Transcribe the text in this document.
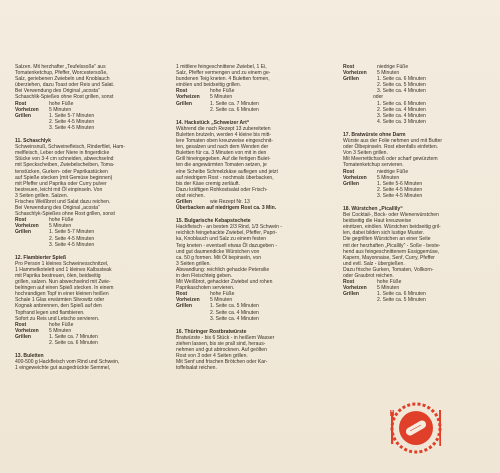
Salzen. Mit herzhafter „Teufelssoße“ aus

Tomatenketchup, Pfeffer, Worcestersoße,

Salz, geriebenen Zwiebeln und Knoblauch

überziehen, dazu Toast oder Reis und Salat.

Bei Verwendung des Original „acosta“

Schaschlik-Spießes ohne Rost grillen, sonst

Rost	hohe Füße
Vorheizen	5 Minuten
Grillen	1. Seite 5-7 Minuten

2. Seite 4-5 Minuten

3. Seite 4-5 Minuten

11. Schaschlyk

Schweinsnuß, Schweinefleisch, Rinderfilet, Ham-

melfleisch, Leber oder Niere in fingerdicke

Stücke von 3-4 cm schneiden, abwechselnd

mit Speckscheiben, Zwiebelscheiben, Toma-

tenstücken, Gurken- oder Paprikastücken

auf Spieße stecken (mit Gemüse beginnen)

mit Pfeffer und Paprika oder Curry pulver

bestreuen, leicht mit Öl einpinseln. Von

3 Seiten grillen. Salzen.

Frisches Weißbrot und Salat dazu reichen.

Bei Verwendung des Original „acosta“

Schaschlyk-Spießes ohne Rost grillen, sonst

Rost	hohe Füße
Vorheizen	5 Minuten
Grillen	1. Seite 5-7 Minuten

2. Seite 4-5 Minuten

3. Seite 4-5 Minuten

12. Flambierter Spieß

Pro Person 1 kleines Schweinesschnitzel,

1 Hammelkotelett und 1 kleines Kalbssteak

mit Paprika bestreuen, ölen, beidseitig

grillen, salzen. Nun abwechselnd mit Zwie-

belringen auf einen Spieß stecken. In einem

hochrandigen Topf in einer kleinen heißen

Schale 1 Glas erwärmten Slivowitz oder

Kognak anbrennen, den Spieß auf den

Topfrand legen und flambieren.

Sofort zu Reis und Letscho servieren.

Rost	hohe Füße
Vorheizen	5 Minuten
Grillen	1. Seite ca. 7 Minuten

2. Seite ca. 6 Minuten

13. Buletten

400-500 g Hackfleisch vom Rind und Schwein,

1 eingeweichte gut ausgedrückte Semmel,

1 mittlere feingeschnittene Zwiebel, 1 Ei,

Salz, Pfeffer vermengen und zu einem ge-

bundenen Teig kneten. 4 Buletten formen,

einölen und beidseitig grillen.

Rost	hohe Füße
Vorheizen	5 Minuten
Grillen	1. Seite ca. 7 Minuten

2. Seite ca. 6 Minuten

14. Hackstück „Schweizer Art“

Während die nach Rezept 13 zubereiteten

Buletten brutzeln, werden 4 kleine bis mitt-

lere Tomaten oben kreuzweise eingeschnit-

ten, gesalzen und nach dem Wenden der

Buletten für ca. 3 Minuten von mit in den

Grill hineingegeben. Auf die fertigen Bulet-

ten die angewärmten Tomaten setzen, je

eine Scheibe Schmelzkäse auflegen und jetzt

auf niedrigem Rost - nochmals überbacken,

bis der Käse cremig zerläuft.

Dazu kräftigen Rohkostsalat oder Frisch-

obst reichen.

Grillen	wie Rezept Nr. 13

Überbacken auf niedrigem Rost ca. 3 Min.

15. Bulgarische Kebapstschete

Hackfleisch - an besten 2/3 Rind, 1/3 Schwein -

reichlich feingehackte Zwiebel, Pfeffer, Papri-

ka, Knoblauch und Salz zu einem festen

Teig kneten - eventuell etwas Öl dazugeben -

und gut daumendicke Würstchen von

ca. 50 g formen. Mit Öl bepinseln, von

3 Seiten grillen.

Abwandlung: reichlich gehackte Petersilie

in den Fleischteig geben.

Mit Weißbrot, gehackter Zwiebel und rohen

Paprikaschoten servieren.

Rost	hohe Füße
Vorheizen	5 Minuten
Grillen	1. Seite ca. 5 Minuten

2. Seite ca. 4 Minuten

3. Seite ca. 4 Minuten

16. Thüringer Rostbratwürste

Bratwürste - bis 6 Stück - in heißem Wasser

ziehen lassen, bis sie prall sind, heraus-

nehmen und gut abtrocknen. Auf geölten

Rost von 3 oder 4 Seiten grillen.

Mit Senf und frischen Brötchen oder Kar-

toffelsalat reichen.

Rost	niedrige Füße
Vorheizen	5 Minuten
Grillen	1. Seite ca. 6 Minuten

2. Seite ca. 5 Minuten

3. Seite ca. 4 Minuten

oder

1. Seite ca. 6 Minuten

2. Seite ca. 4 Minuten

3. Seite ca. 4 Minuten

4. Seite ca. 3 Minuten

17. Bratwürste ohne Darm

Würste aus der Folie nehmen und mit Butter

oder Ölbepinseln. Rost ebenfalls einfetten.

Von 3 Seiten grillen.

Mit Meerrettichsoß oder scharf gewürztem

Tomatenketchup servieren.

Rost	niedrige Füße
Vorheizen	5 Minuten
Grillen	1. Seite 5-6 Minuten

2. Seite 4-5 Minuten

3. Seite 4-5 Minuten

18. Würstchen „Picallily“

Bei Cocktail-, Bock- oder Wienerwürstchen

beidseitig die Haut kreuzweise

einritzen, einölen. Würstchen beidseitig gril-

len, dabei bilden sich lustige Muster.

Die gegrillten Würstchen an einer Seite

mit der herzhaften „Picallily“ - Soße - beste-

hend aus feingeschnittenem Essiggemüse,

Kapern, Mayonnaise, Senf, Curry, Pfeffer

und evtl. Salz - übergießen.

Dazu frische Gurken, Tomaten, Vollkorn-

oder Graubrot reichen.

Rost	hohe Füße
Vorheizen	5 Minuten
Grillen	1. Seite ca. 6 Minuten

2. Seite ca. 5 Minuten
